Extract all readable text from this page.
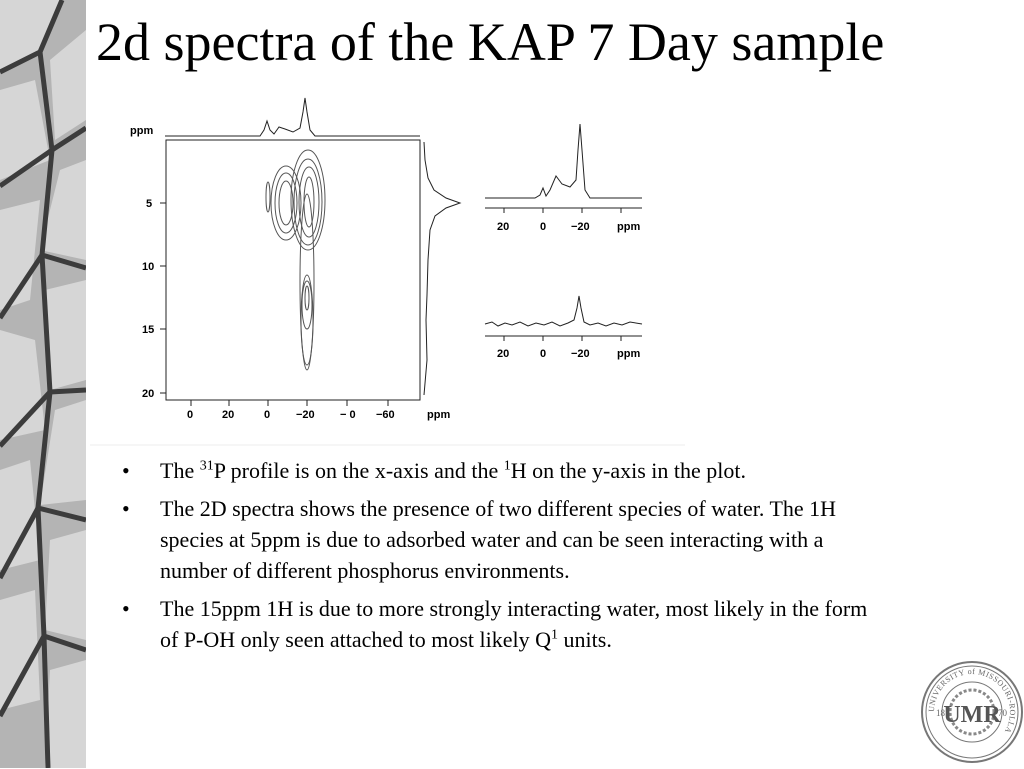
2d spectra of the KAP 7 Day sample
ppm
5
10
15
20
0	20	0 −20 − 0 −60	ppm
20	0 −20 ppm
20	0 −20 ppm
• The $^{31}$P profile is on the x-axis and the $^1$H on the y-axis in the plot.
• The 2D spectra shows the presence of two different species of water. The 1H species at 5ppm is due to adsorbed water and can be seen interacting with a number of different phosphorus environments.
• The 15ppm 1H is due to more strongly interacting water, most likely in the form of P-OH only seen attached to most likely $Q^1$ units.
UNIVERSITY of MISSOURI-ROLLA
18	70
UMR
